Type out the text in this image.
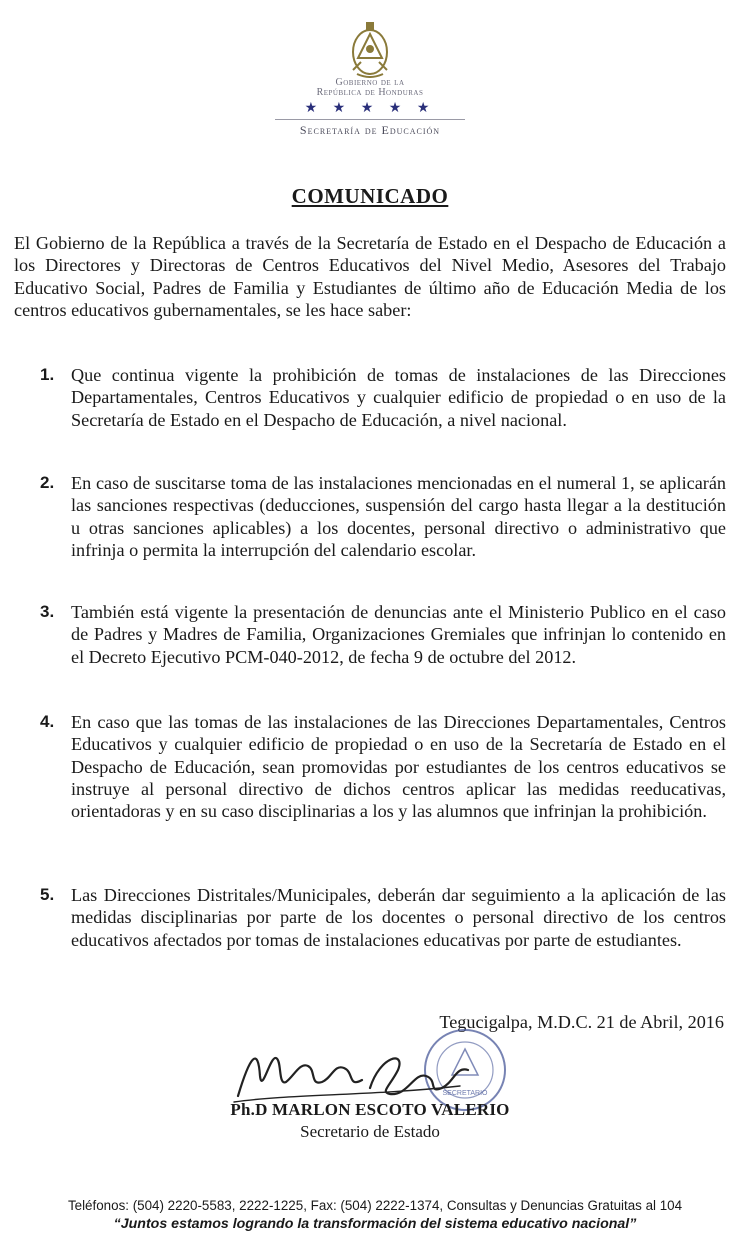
Gobierno de la
República de Honduras
★ ★ ★ ★ ★
Secretaría de Educación
COMUNICADO
El Gobierno de la República a través de la Secretaría de Estado en el Despacho de Educación a los Directores y Directoras de Centros Educativos del Nivel Medio, Asesores del Trabajo Educativo Social, Padres de Familia y Estudiantes de último año de Educación Media de los centros educativos gubernamentales, se les hace saber:
1. Que continua vigente la prohibición de tomas de instalaciones de las Direcciones Departamentales, Centros Educativos y cualquier edificio de propiedad o en uso de la Secretaría de Estado en el Despacho de Educación, a nivel nacional.
2. En caso de suscitarse toma de las instalaciones mencionadas en el numeral 1, se aplicarán las sanciones respectivas (deducciones, suspensión del cargo hasta llegar a la destitución u otras sanciones aplicables) a los docentes, personal directivo o administrativo que infrinja o permita la interrupción del calendario escolar.
3. También está vigente la presentación de denuncias ante el Ministerio Publico en el caso de Padres y Madres de Familia, Organizaciones Gremiales que infrinjan lo contenido en el Decreto Ejecutivo PCM-040-2012, de fecha 9 de octubre del 2012.
4. En caso que las tomas de las instalaciones de las Direcciones Departamentales, Centros Educativos y cualquier edificio de propiedad o en uso de la Secretaría de Estado en el Despacho de Educación, sean promovidas por estudiantes de los centros educativos se instruye al personal directivo de dichos centros aplicar las medidas reeducativas, orientadoras y en su caso disciplinarias a los y las alumnos que infrinjan la prohibición.
5. Las Direcciones Distritales/Municipales, deberán dar seguimiento a la aplicación de las medidas disciplinarias por parte de los docentes o personal directivo de los centros educativos afectados por tomas de instalaciones educativas por parte de estudiantes.
Tegucigalpa, M.D.C. 21 de Abril, 2016
SECRETARIO
Ph.D MARLON ESCOTO VALERIO
Secretario de Estado
Teléfonos: (504) 2220-5583, 2222-1225, Fax: (504) 2222-1374, Consultas y Denuncias Gratuitas al 104
“Juntos estamos logrando la transformación del sistema educativo nacional”
